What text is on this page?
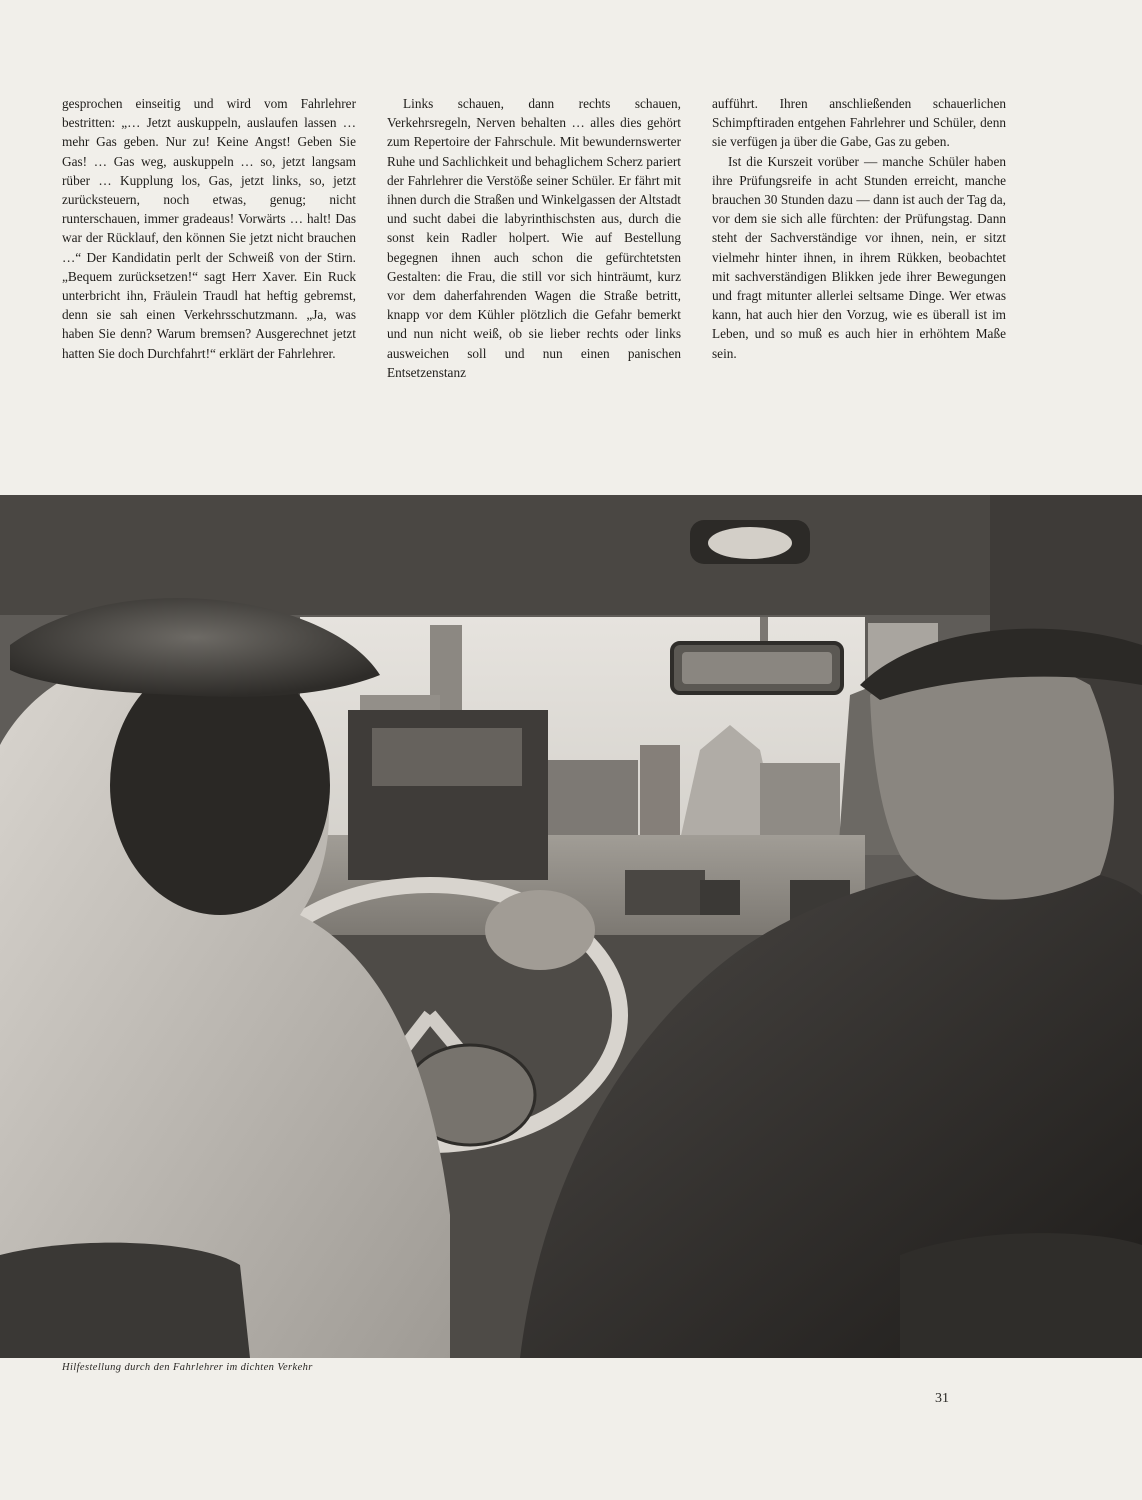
gesprochen einseitig und wird vom Fahrlehrer bestritten: „… Jetzt auskuppeln, auslaufen lassen … mehr Gas geben. Nur zu! Keine Angst! Geben Sie Gas! … Gas weg, auskuppeln … so, jetzt langsam rüber … Kupplung los, Gas, jetzt links, so, jetzt zurücksteuern, noch etwas, genug; nicht runterschauen, immer gradeaus! Vorwärts … halt! Das war der Rücklauf, den können Sie jetzt nicht brauchen …“ Der Kandidatin perlt der Schweiß von der Stirn. „Bequem zurücksetzen!“ sagt Herr Xaver. Ein Ruck unterbricht ihn, Fräulein Traudl hat heftig gebremst, denn sie sah einen Verkehrsschutzmann. „Ja, was haben Sie denn? Warum bremsen? Ausgerechnet jetzt hatten Sie doch Durchfahrt!“ erklärt der Fahrlehrer.

Links schauen, dann rechts schauen, Verkehrsregeln, Nerven behalten … alles dies gehört zum Repertoire der Fahrschule. Mit bewundernswerter Ruhe und Sachlichkeit und behaglichem Scherz pariert der Fahrlehrer die Verstöße seiner Schüler. Er fährt mit ihnen durch die Straßen und Winkelgassen der Altstadt und sucht dabei die labyrinthischsten aus, durch die sonst kein Radler holpert. Wie auf Bestellung begegnen ihnen auch schon die gefürchtetsten Gestalten: die Frau, die still vor sich hinträumt, kurz vor dem daherfahrenden Wagen die Straße betritt, knapp vor dem Kühler plötzlich die Gefahr bemerkt und nun nicht weiß, ob sie lieber rechts oder links ausweichen soll und nun einen panischen Entsetzenstanz

aufführt. Ihren anschließenden schauerlichen Schimpftiraden entgehen Fahrlehrer und Schüler, denn sie verfügen ja über die Gabe, Gas zu geben.

Ist die Kurszeit vorüber — manche Schüler haben ihre Prüfungsreife in acht Stunden erreicht, manche brauchen 30 Stunden dazu — dann ist auch der Tag da, vor dem sie sich alle fürchten: der Prüfungstag. Dann steht der Sachverständige vor ihnen, nein, er sitzt vielmehr hinter ihnen, in ihrem Rükken, beobachtet mit sachverständigen Blikken jede ihrer Bewegungen und fragt mitunter allerlei seltsame Dinge. Wer etwas kann, hat auch hier den Vorzug, wie es überall ist im Leben, und so muß es auch hier in erhöhtem Maße sein.

Hilfestellung durch den Fahrlehrer im dichten Verkehr
31
